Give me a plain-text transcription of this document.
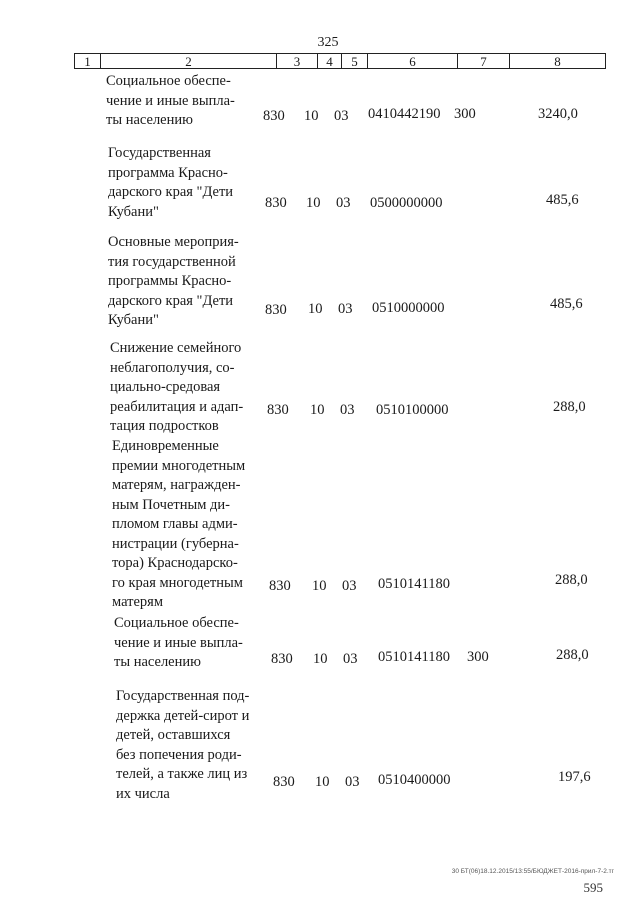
325
1	2	3	4	5	6	7	8
Социальное обеспе-
чение и иные выпла-
ты населению	830 10 03 0410442190 300	3240,0
Государственная
программа Красно-
дарского края "Дети
Кубани"
830 10 03 0500000000	485,6
Основные мероприя-
тия государственной
программы Красно-
дарского края "Дети
Кубани"
830 10 03 0510000000	485,6
Снижение семейного
неблагополучия, со-
циально-средовая
реабилитация и адап-
тация подростков
830 10 03 0510100000	288,0
Единовременные
премии многодетным
матерям, награжден-
ным Почетным ди-
пломом главы адми-
нистрации (губерна-
тора) Краснодарско-
го края многодетным
матерям
830 10 03 0510141180	288,0
Социальное обеспе-
чение и иные выпла-
ты населению	830 10 03 0510141180 300	288,0
Государственная под-
держка детей-сирот и
детей, оставшихся
без попечения роди-
телей, а также лиц из
их числа
830 10 03 0510400000	197,6
30 БТ(06)18.12.2015/13:55/БЮДЖЕТ-2016-прил-7-2.тг
595
